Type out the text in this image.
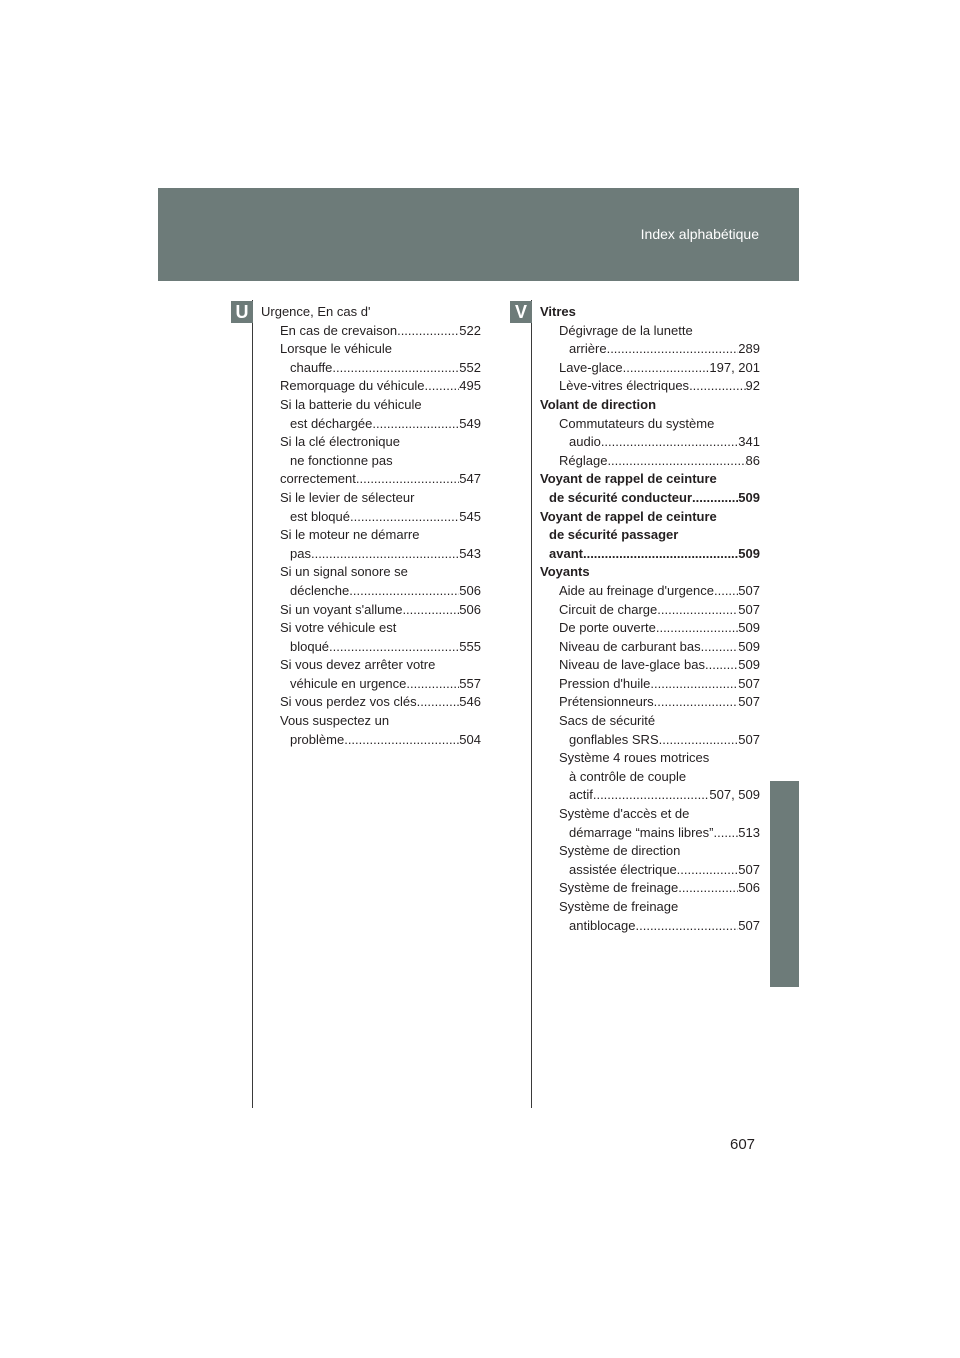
Index alphabétique
U	V
Urgence, En cas d'
En cas de crevaison .....	522
Lorsque le véhicule
chauffe .....	552
Remorquage du véhicule .....	495
Si la batterie du véhicule
est déchargée .....	549
Si la clé électronique
ne fonctionne pas
correctement .....	547
Si le levier de sélecteur
est bloqué .....	545
Si le moteur ne démarre
pas .....	543
Si un signal sonore se
déclenche... .....	506
Si un voyant s'allume .....	506
Si votre véhicule est
bloqué .....	555
Si vous devez arrêter votre
véhicule en urgence .....	557
Si vous perdez vos clés .....	546
Vous suspectez un
problème .....	504
Vitres
Dégivrage de la lunette
arrière .....	289
Lave-glace .....	197, 201
Lève-vitres électriques .....	92
Volant de direction
Commutateurs du système
audio .....	341
Réglage .....	86
Voyant de rappel de ceinture
de sécurité conducteur .....	509
Voyant de rappel de ceinture
de sécurité passager
avant .....	509
Voyants
Aide au freinage d'urgence ..... 507
Circuit de charge .....	507
De porte ouverte .....	509
Niveau de carburant bas .....	509
Niveau de lave-glace bas .....	509
Pression d'huile .....	507
Prétensionneurs .....	507
Sacs de sécurité
gonflables SRS .....	507
Système 4 roues motrices
à contrôle de couple
actif .....	507, 509
Système d'accès et de
démarrage “mains libres” ..... 513
Système de direction
assistée électrique .....	507
Système de freinage .....	506
Système de freinage
antiblocage .....	507
607
